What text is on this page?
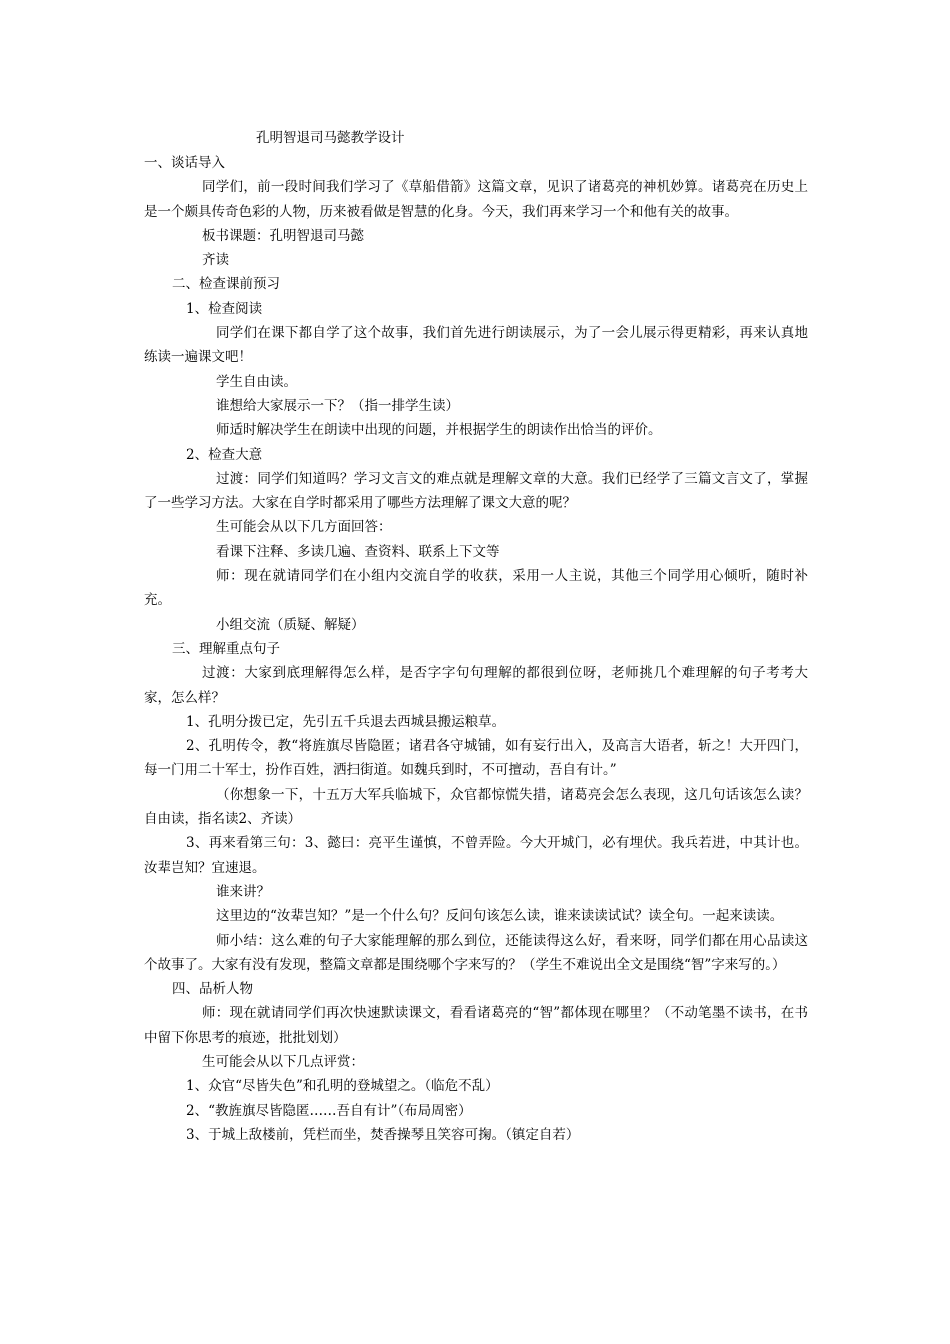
孔明智退司马懿教学设计

一、谈话导入

同学们，前一段时间我们学习了《草船借箭》这篇文章，见识了诸葛亮的神机妙算。诸葛亮在历史上是一个颇具传奇色彩的人物，历来被看做是智慧的化身。今天，我们再来学习一个和他有关的故事。

板书课题：孔明智退司马懿

齐读

二、检查课前预习

1、检查阅读

同学们在课下都自学了这个故事，我们首先进行朗读展示，为了一会儿展示得更精彩，再来认真地练读一遍课文吧！

学生自由读。

谁想给大家展示一下？（指一排学生读）

师适时解决学生在朗读中出现的问题，并根据学生的朗读作出恰当的评价。

2、检查大意

过渡：同学们知道吗？学习文言文的难点就是理解文章的大意。我们已经学了三篇文言文了，掌握了一些学习方法。大家在自学时都采用了哪些方法理解了课文大意的呢？

生可能会从以下几方面回答：

看课下注释、多读几遍、查资料、联系上下文等

师：现在就请同学们在小组内交流自学的收获，采用一人主说，其他三个同学用心倾听，随时补充。

小组交流（质疑、解疑）

三、理解重点句子

过渡：大家到底理解得怎么样，是否字字句句理解的都很到位呀，老师挑几个难理解的句子考考大家，怎么样？

1、孔明分拨已定，先引五千兵退去西城县搬运粮草。

2、孔明传令，教“将旌旗尽皆隐匿；诸君各守城铺，如有妄行出入，及高言大语者，斩之！大开四门，每一门用二十军士，扮作百姓，洒扫街道。如魏兵到时，不可擅动，吾自有计。”

（你想象一下，十五万大军兵临城下，众官都惊慌失措，诸葛亮会怎么表现，这几句话该怎么读？自由读，指名读2、齐读）

3、再来看第三句：3、懿曰：亮平生谨慎，不曾弄险。今大开城门，必有埋伏。我兵若进，中其计也。汝辈岂知？宜速退。

谁来讲？

这里边的“汝辈岂知？”是一个什么句？反问句该怎么读，谁来读读试试？读全句。一起来读读。

师小结：这么难的句子大家能理解的那么到位，还能读得这么好，看来呀，同学们都在用心品读这个故事了。大家有没有发现，整篇文章都是围绕哪个字来写的？（学生不难说出全文是围绕“智”字来写的。）

四、品析人物

师：现在就请同学们再次快速默读课文，看看诸葛亮的“智”都体现在哪里？（不动笔墨不读书，在书中留下你思考的痕迹，批批划划）

生可能会从以下几点评赏：

1、众官“尽皆失色”和孔明的登城望之。（临危不乱）

2、“教旌旗尽皆隐匿……吾自有计”（布局周密）

3、于城上敌楼前，凭栏而坐，焚香操琴且笑容可掬。（镇定自若）
